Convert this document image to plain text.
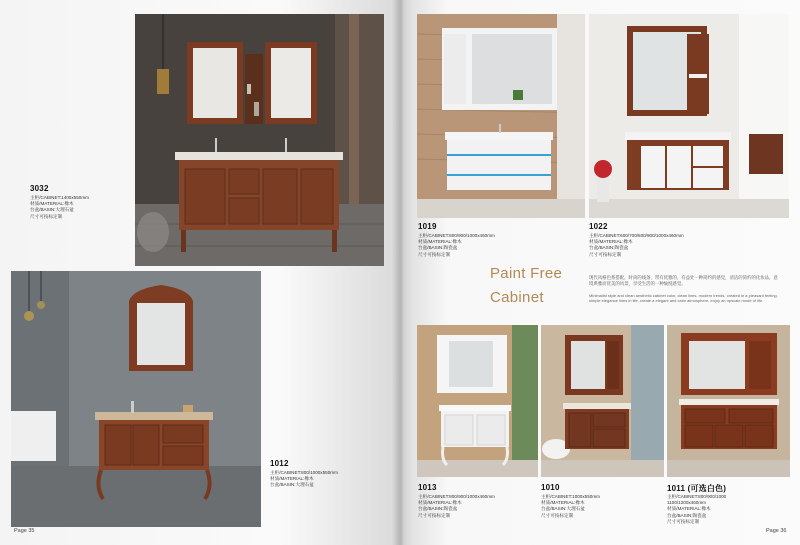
3032
主柜/CABINET:1400x550mm
材质/MATERIAL:橡木
台盆/BASIN:大理石盆
尺寸可按标定制
1012
主柜/CABINET:800/1000x550mm
材质/MATERIAL:橡木
台盆/BASIN:大理石盆
Page 35
1019
主柜/CABINET:800/900/1000x460mm
材质/MATERIAL:橡木
台盆/BASIN:陶瓷盆
尺寸可按标定制
1022
主柜/CABINET:600/700/800/900/1000x460mm
材质/MATERIAL:橡木
台盆/BASIN:陶瓷盆
尺寸可按标定制
Paint Free
Cabinet
现代风格色系搭配，时尚的线条，带有优雅的，有益处一种简约的感觉，清洁的简约的化妆品，意境典雅而优美的风景，享受生活的一种愉悦感觉。
Minimalist style and clean aesthetic cabinet color, clean lines, modern trends, created in a pleasant feeling, simple elegance lines in life, create a elegant and calm atmosphere, enjoy an upscale mode of life.
1013
主柜/CABINET:800/900/1000x460mm
材质/MATERIAL:橡木
台盆/BASIN:陶瓷盆
尺寸可按标定制
1010
主柜/CABINET:1000x550mm
材质/MATERIAL:橡木
台盆/BASIN:大理石盆
尺寸可按标定制
1011 (可选白色)
主柜/CABINET:800/900/1000
1100/1200x460mm
材质/MATERIAL:橡木
台盆/BASIN:陶瓷盆
尺寸可按标定制
Page 36
